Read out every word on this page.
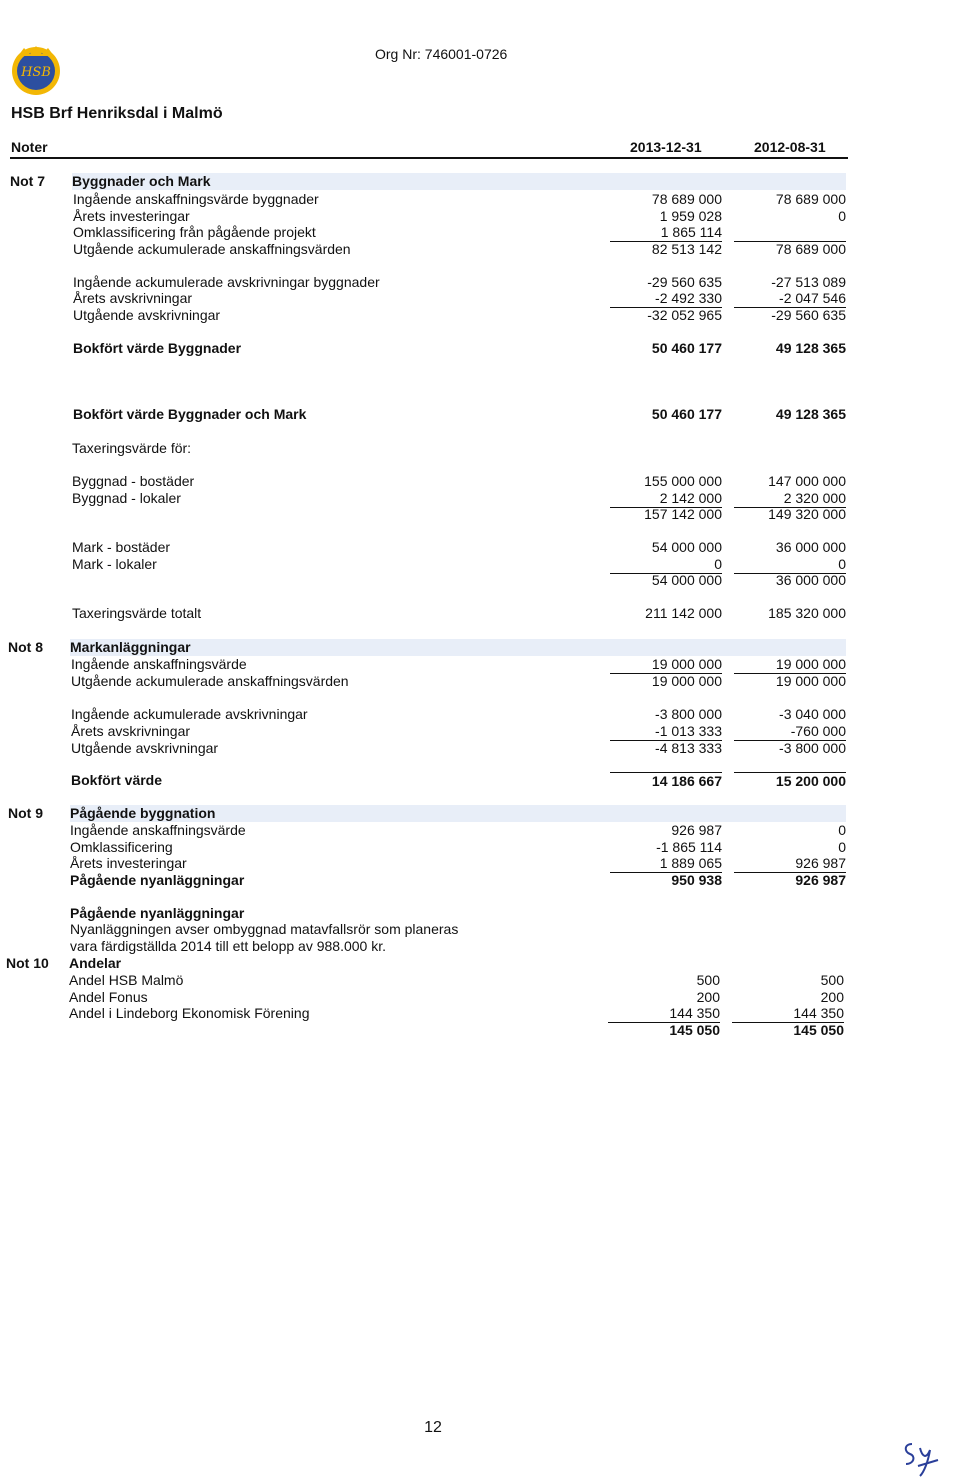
HSB
Org Nr: 746001-0726
HSB Brf Henriksdal i Malmö
Noter	2013-12-31	2012-08-31
Not 7 Byggnader och Mark
Ingående anskaffningsvärde byggnader	78 689 000	78 689 000
Årets investeringar	1 959 028	0
Omklassificering från pågående projekt	1 865 114
Utgående ackumulerade anskaffningsvärden	82 513 142	78 689 000
Ingående ackumulerade avskrivningar byggnader	-29 560 635	-27 513 089
Årets avskrivningar	-2 492 330	-2 047 546
Utgående avskrivningar	-32 052 965	-29 560 635
Bokfört värde Byggnader	50 460 177	49 128 365
Bokfört värde Byggnader och Mark	50 460 177	49 128 365
Taxeringsvärde för:
Byggnad - bostäder	155 000 000	147 000 000
Byggnad - lokaler	2 142 000	2 320 000
157 142 000	149 320 000
Mark - bostäder	54 000 000	36 000 000
Mark - lokaler	0	0
54 000 000	36 000 000
Taxeringsvärde totalt	211 142 000	185 320 000
Not 8 Markanläggningar
Ingående anskaffningsvärde	19 000 000	19 000 000
Utgående ackumulerade anskaffningsvärden	19 000 000	19 000 000
Ingående ackumulerade avskrivningar	-3 800 000	-3 040 000
Årets avskrivningar	-1 013 333	-760 000
Utgående avskrivningar	-4 813 333	-3 800 000
Bokfört värde	14 186 667	15 200 000
Not 9 Pågående byggnation
Ingående anskaffningsvärde	926 987	0
Omklassificering	-1 865 114	0
Årets investeringar	1 889 065	926 987
Pågående nyanläggningar	950 938	926 987
Pågående nyanläggningar
Nyanläggningen avser ombyggnad matavfallsrör som planeras
vara färdigställda 2014 till ett belopp av 988.000 kr.
Not 10 Andelar
Andel HSB Malmö	500	500
Andel Fonus	200	200
Andel i Lindeborg Ekonomisk Förening	144 350	144 350
145 050	145 050
12
